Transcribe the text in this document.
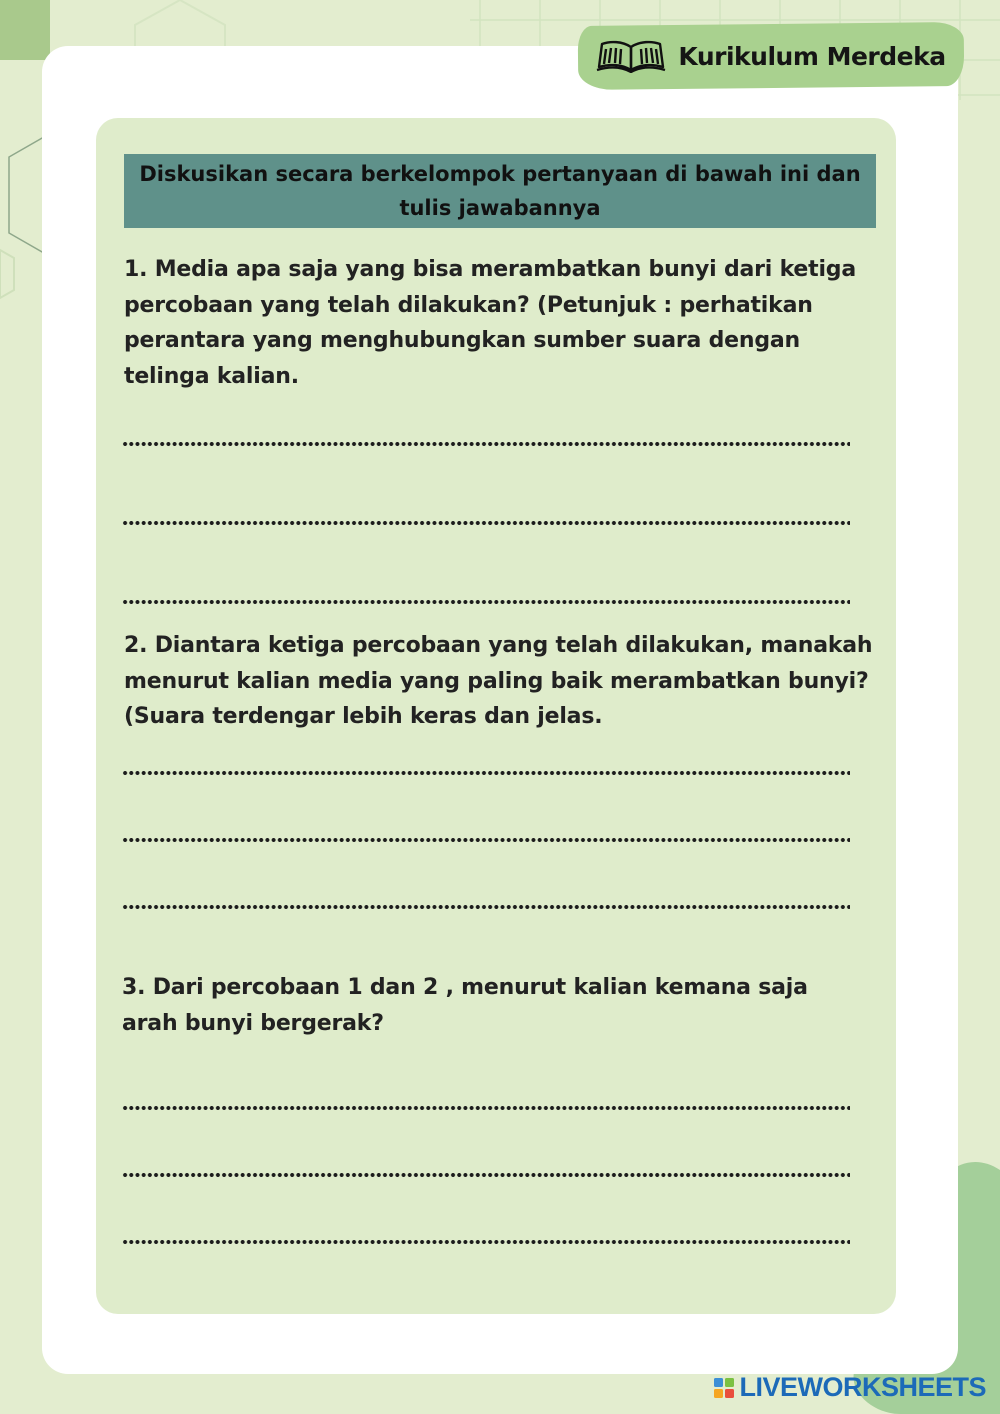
Kurikulum Merdeka
Diskusikan secara berkelompok pertanyaan di bawah ini dan tulis jawabannya
1. Media apa saja yang bisa merambatkan bunyi dari ketiga percobaan yang telah dilakukan? (Petunjuk : perhatikan perantara yang menghubungkan sumber suara dengan telinga kalian.
2. Diantara ketiga percobaan yang telah dilakukan, manakah menurut kalian media yang paling baik merambatkan bunyi? (Suara terdengar lebih keras dan jelas.
3. Dari percobaan 1 dan 2 , menurut kalian kemana saja arah bunyi bergerak?
LIVEWORKSHEETS
